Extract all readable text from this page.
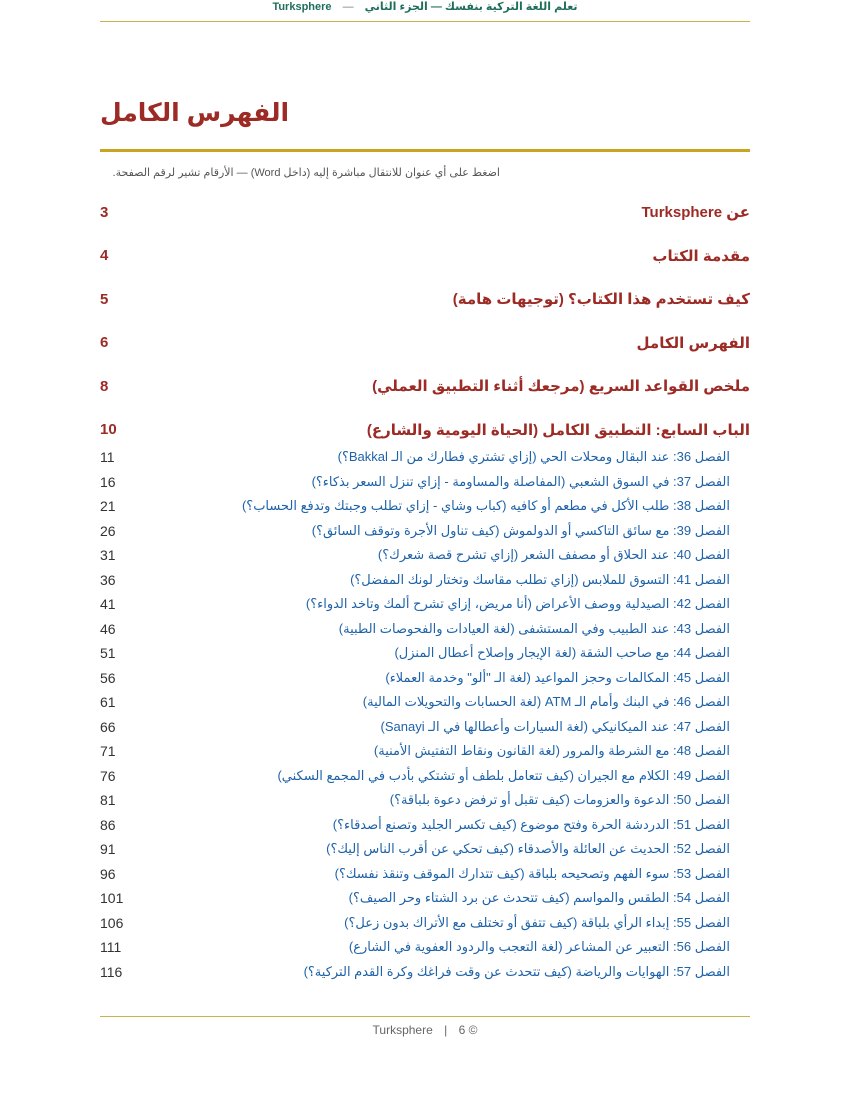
Turksphere — تعلم اللغة التركية بنفسك — الجزء الثاني
الفهرس الكامل
اضغط على أي عنوان للانتقال مباشرة إليه (داخل Word) — الأرقام تشير لرقم الصفحة.
3	عن Turksphere
4	مقدمة الكتاب
5	كيف تستخدم هذا الكتاب؟ (توجيهات هامة)
6	الفهرس الكامل
8	ملخص القواعد السريع (مرجعك أثناء التطبيق العملي)
10	الباب السابع: التطبيق الكامل (الحياة اليومية والشارع)
11	الفصل 36: عند البقال ومحلات الحي (إزاي تشتري فطارك من الـ Bakkal؟)
16	الفصل 37: في السوق الشعبي (المفاصلة والمساومة - إزاي تنزل السعر بذكاء؟)
21	الفصل 38: طلب الأكل في مطعم أو كافيه (كباب وشاي - إزاي تطلب وجبتك وتدفع الحساب؟)
26	الفصل 39: مع سائق التاكسي أو الدولموش (كيف تناول الأجرة وتوقف السائق؟)
31	الفصل 40: عند الحلاق أو مصفف الشعر (إزاي تشرح قصة شعرك؟)
36	الفصل 41: التسوق للملابس (إزاي تطلب مقاسك وتختار لونك المفضل؟)
41	الفصل 42: الصيدلية ووصف الأعراض (أنا مريض، إزاي تشرح ألمك وتاخد الدواء؟)
46	الفصل 43: عند الطبيب وفي المستشفى (لغة العيادات والفحوصات الطبية)
51	الفصل 44: مع صاحب الشقة (لغة الإيجار وإصلاح أعطال المنزل)
56	الفصل 45: المكالمات وحجز المواعيد (لغة الـ "ألو" وخدمة العملاء)
61	الفصل 46: في البنك وأمام الـ ATM (لغة الحسابات والتحويلات المالية)
66	الفصل 47: عند الميكانيكي (لغة السيارات وأعطالها في الـ Sanayi)
71	الفصل 48: مع الشرطة والمرور (لغة القانون ونقاط التفتيش الأمنية)
76	الفصل 49: الكلام مع الجيران (كيف تتعامل بلطف أو تشتكي بأدب في المجمع السكني)
81	الفصل 50: الدعوة والعزومات (كيف تقبل أو ترفض دعوة بلباقة؟)
86	الفصل 51: الدردشة الحرة وفتح موضوع (كيف تكسر الجليد وتصنع أصدقاء؟)
91	الفصل 52: الحديث عن العائلة والأصدقاء (كيف تحكي عن أقرب الناس إليك؟)
96	الفصل 53: سوء الفهم وتصحيحه بلباقة (كيف تتدارك الموقف وتنقذ نفسك؟)
101	الفصل 54: الطقس والمواسم (كيف تتحدث عن برد الشتاء وحر الصيف؟)
106	الفصل 55: إبداء الرأي بلباقة (كيف تتفق أو تختلف مع الأتراك بدون زعل؟)
111	الفصل 56: التعبير عن المشاعر (لغة التعجب والردود العفوية في الشارع)
116	الفصل 57: الهوايات والرياضة (كيف تتحدث عن وقت فراغك وكرة القدم التركية؟)
Turksphere | 6 ©
